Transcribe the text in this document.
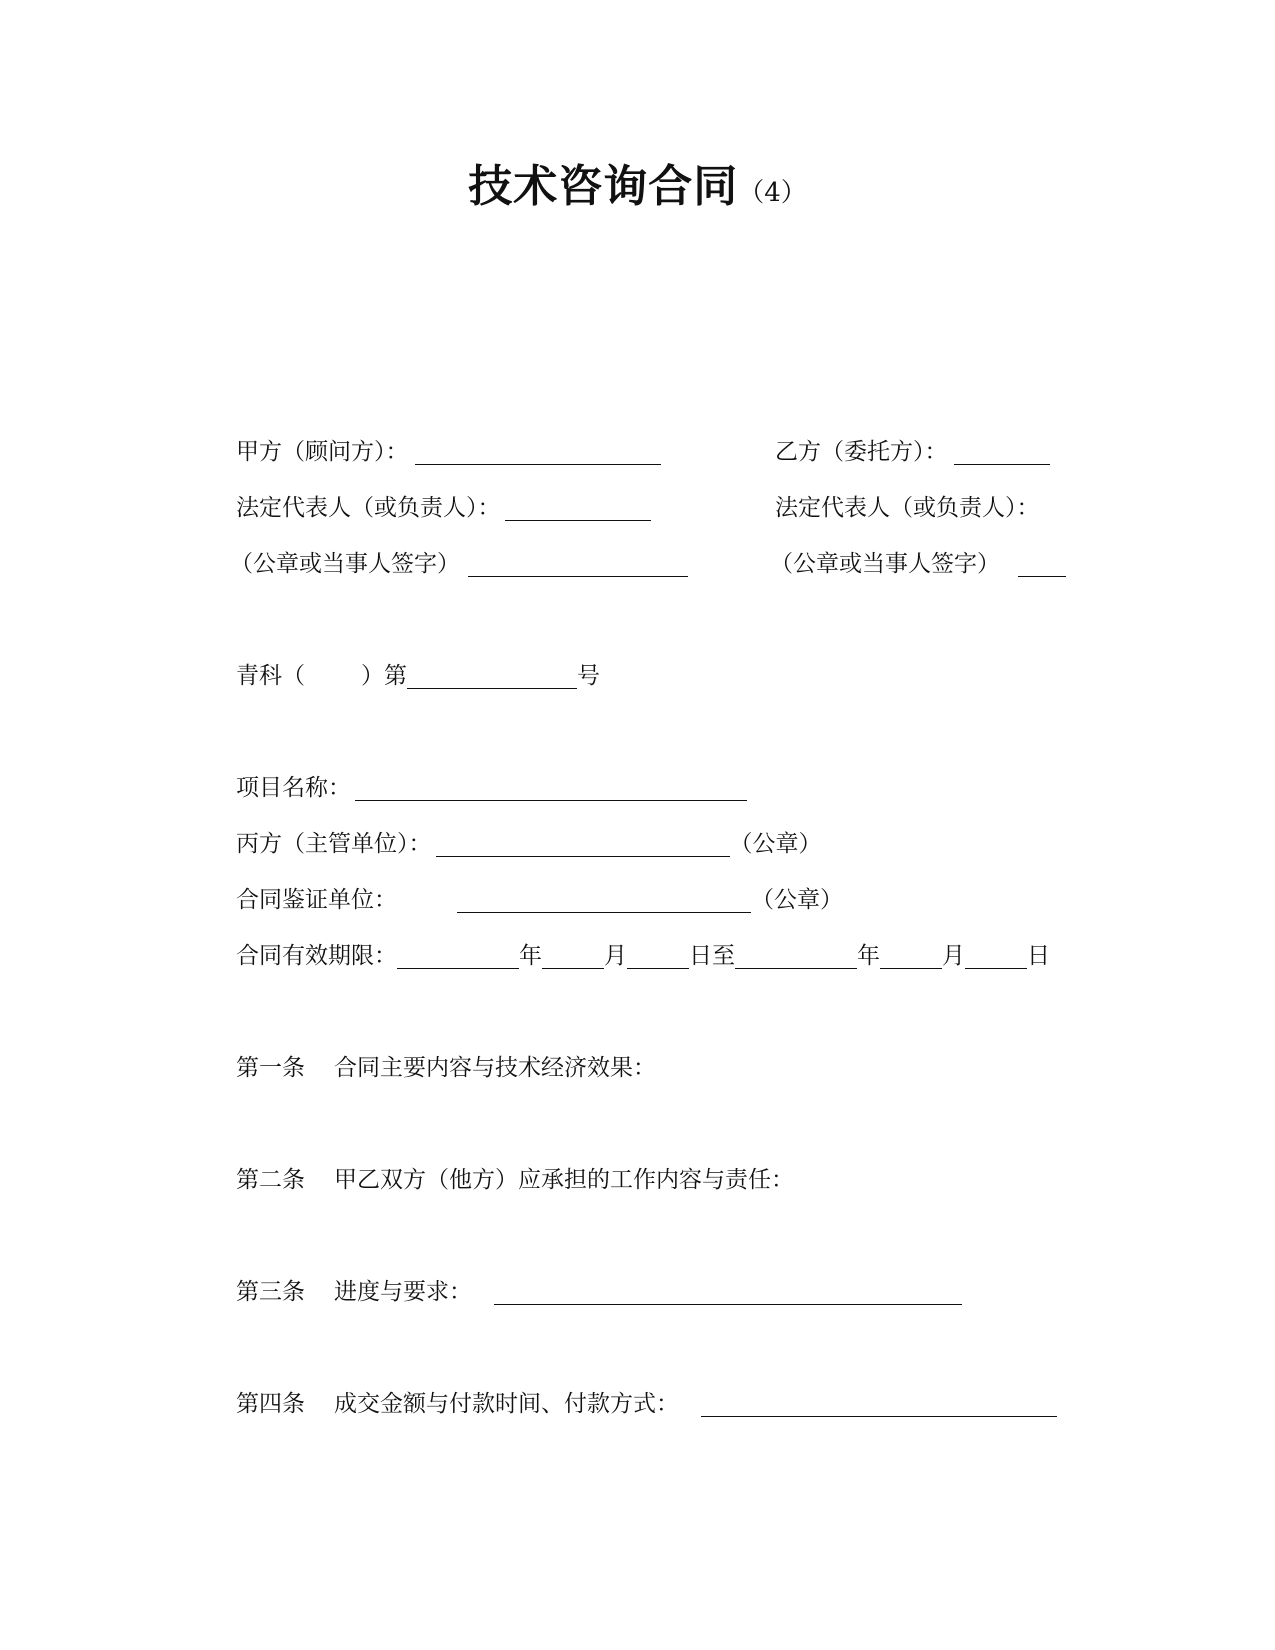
技术咨询合同（4）
甲方（顾问方）：	乙方（委托方）：
法定代表人（或负责人）：	法定代表人（或负责人）：
（公章或当事人签字）	（公章或当事人签字）
青科（ ）第	号
项目名称：
丙方（主管单位）：	（公章）
合同鉴证单位：	（公章）
合同有效期限：	年	月	日至	年	月	日
第一条	合同主要内容与技术经济效果：
第二条	甲乙双方（他方）应承担的工作内容与责任：
第三条	进度与要求：
第四条	成交金额与付款时间、付款方式：
